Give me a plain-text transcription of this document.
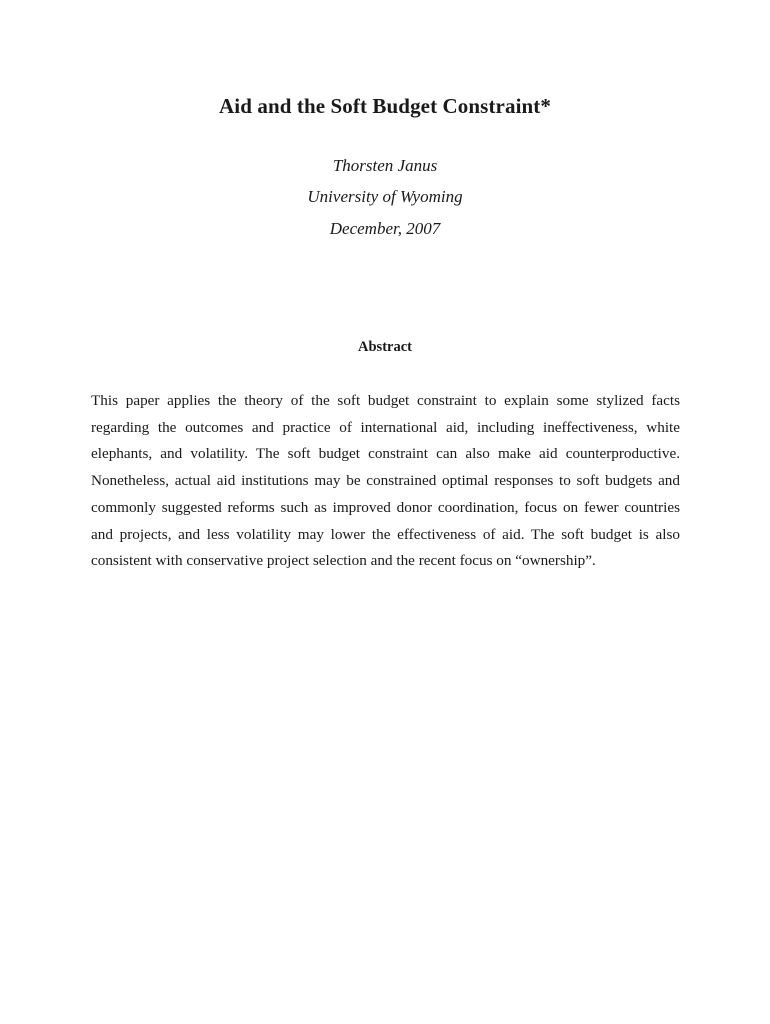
Aid and the Soft Budget Constraint*
Thorsten Janus
University of Wyoming
December, 2007
Abstract

This paper applies the theory of the soft budget constraint to explain some stylized facts regarding the outcomes and practice of international aid, including ineffectiveness, white elephants, and volatility. The soft budget constraint can also make aid counterproductive. Nonetheless, actual aid institutions may be constrained optimal responses to soft budgets and commonly suggested reforms such as improved donor coordination, focus on fewer countries and projects, and less volatility may lower the effectiveness of aid. The soft budget is also consistent with conservative project selection and the recent focus on “ownership”.
